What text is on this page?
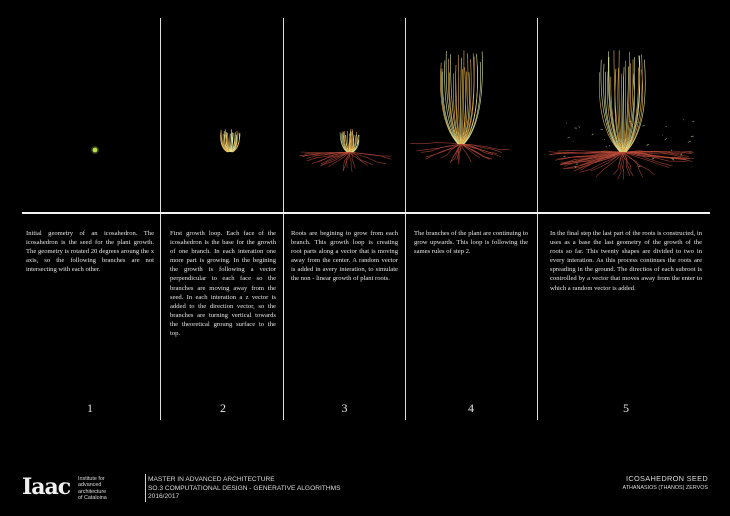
Initial geometry of an icosahedron. The icosahedron is the seed for the plant growth. The geometry is rotated 20 degrees aroung the x axis, so the following branches are not intersecting with each other.
1
First growth loop. Each face of the icosahedron is the base for the growth of one branch. In each interation one more part is growing. In the begining the growth is following a vector perpendicular to each face so the branches are moving away from the seed. In each interation a z vector is added to the direction vector, so the branches are turning vertical towards the theoretical groung surface to the top.
2
Roots are begining to grow from each branch. This growth loop is creating root parts along a vector that is moving away from the center. A random vector is added in avery interation, to simulate the non - linear growth of plant roots.
3
The branches of the plant are continuing to grow upwards. This loop is following the sames rules of step 2.
4
In the final step the last part of the roots is constructed, in uses as a base the last geometry of the growth of the roots so far. This twenty shapes are divided to two in every interation. As this process continues the roots are spreading in the ground. The directios of each subroot is controlled by a vector that moves away from the enter to which a random vector is added.
5
Iaac Institute for
advanced
architecture
of Cataloina
MASTER IN ADVANCED ARCHITECTURE
SO.3 COMPUTATIONAL DESIGN - GENERATIVE ALGORITHMS
2016/2017
ICOSAHEDRON SEED
ATHANASIOS (THANOS) ZERVOS
